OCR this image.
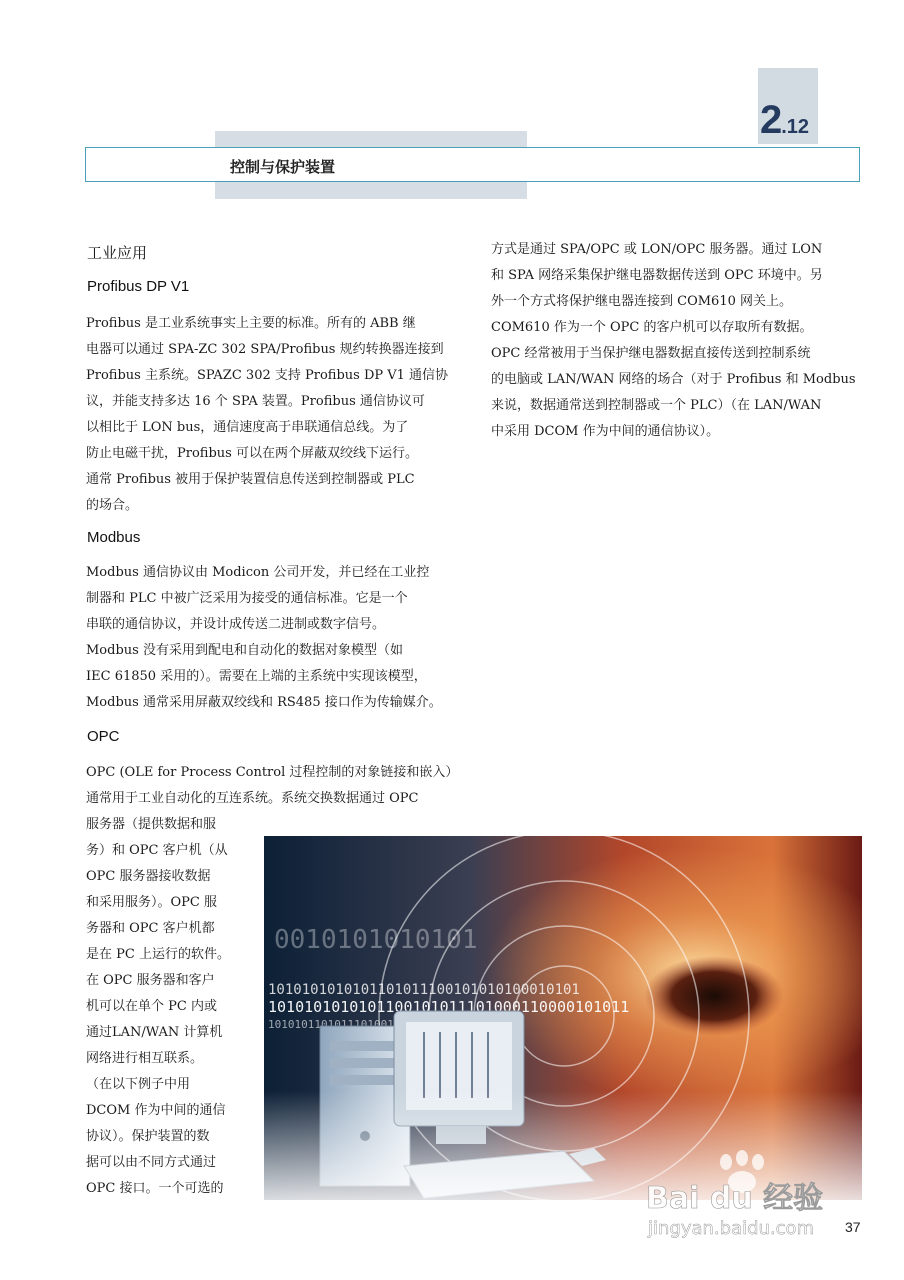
2.12
控制与保护装置
工业应用
Profibus DP V1
Profibus 是工业系统事实上主要的标准。所有的 ABB 继
电器可以通过 SPA-ZC 302 SPA/Profibus 规约转换器连接到
Profibus 主系统。SPAZC 302 支持 Profibus DP V1 通信协
议，并能支持多达 16 个 SPA 装置。Profibus 通信协议可
以相比于 LON bus，通信速度高于串联通信总线。为了
防止电磁干扰，Profibus 可以在两个屏蔽双绞线下运行。
通常 Profibus 被用于保护装置信息传送到控制器或 PLC
的场合。
Modbus
Modbus 通信协议由 Modicon 公司开发，并已经在工业控
制器和 PLC 中被广泛采用为接受的通信标准。它是一个
串联的通信协议，并设计成传送二进制或数字信号。
Modbus 没有采用到配电和自动化的数据对象模型（如
IEC 61850 采用的）。需要在上端的主系统中实现该模型，
Modbus 通常采用屏蔽双绞线和 RS485 接口作为传输媒介。
OPC
OPC (OLE for Process Control 过程控制的对象链接和嵌入）
通常用于工业自动化的互连系统。系统交换数据通过 OPC
服务器（提供数据和服
务）和 OPC 客户机（从
OPC 服务器接收数据
和采用服务）。OPC 服
务器和 OPC 客户机都
是在 PC 上运行的软件。
在 OPC 服务器和客户
机可以在单个 PC 内或
通过LAN/WAN 计算机
网络进行相互联系。
（在以下例子中用
DCOM 作为中间的通信
协议）。保护装置的数
据可以由不同方式通过
OPC 接口。一个可选的
方式是通过 SPA/OPC 或 LON/OPC 服务器。通过 LON
和 SPA 网络采集保护继电器数据传送到 OPC 环境中。另
外一个方式将保护继电器连接到 COM610 网关上。
COM610 作为一个 OPC 的客户机可以存取所有数据。
OPC 经常被用于当保护继电器数据直接传送到控制系统
的电脑或 LAN/WAN 网络的场合（对于 Profibus 和 Modbus
来说，数据通常送到控制器或一个 PLC）（在 LAN/WAN
中采用 DCOM 作为中间的通信协议）。
Bai du 经验
jingyan.baidu.com 37
